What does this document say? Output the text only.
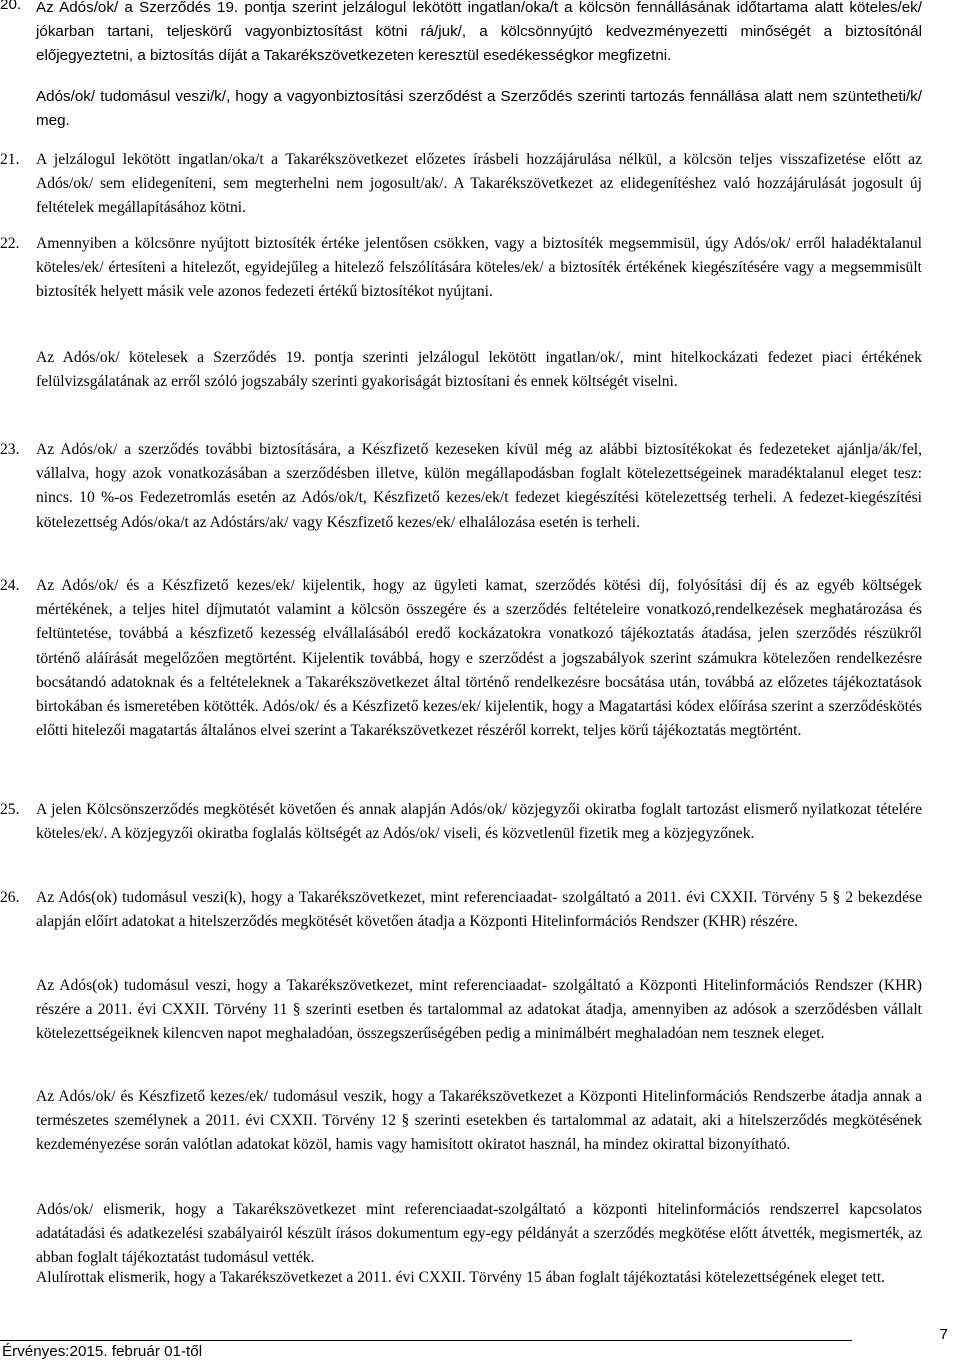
20. Az Adós/ok/ a Szerződés 19. pontja szerint jelzálogul lekötött ingatlan/oka/t a kölcsön fennállásának időtartama alatt köteles/ek/ jókarban tartani, teljeskörű vagyonbiztosítást kötni rá/juk/, a kölcsönnyújtó kedvezményezetti minőségét a biztosítónál előjegyeztetni, a biztosítás díját a Takarékszövetkezeten keresztül esedékességkor megfizetni.

Adós/ok/ tudomásul veszi/k/, hogy a vagyonbiztosítási szerződést a Szerződés szerinti tartozás fennállása alatt nem szüntetheti/k/ meg.

21.	A jelzálogul lekötött ingatlan/oka/t a Takarékszövetkezet előzetes írásbeli hozzájárulása nélkül, a kölcsön teljes visszafizetése előtt az Adós/ok/ sem elidegeníteni, sem megterhelni nem jogosult/ak/. A Takarékszövetkezet az elidegenítéshez való hozzájárulását jogosult új feltételek megállapításához kötni.

22.	Amennyiben a kölcsönre nyújtott biztosíték értéke jelentősen csökken, vagy a biztosíték megsemmisül, úgy Adós/ok/ erről haladéktalanul köteles/ek/ értesíteni a hitelezőt, egyidejűleg a hitelező felszólítására köteles/ek/ a biztosíték értékének kiegészítésére vagy a megsemmisült biztosíték helyett másik vele azonos fedezeti értékű biztosítékot nyújtani.

Az Adós/ok/ kötelesek a Szerződés 19. pontja szerinti jelzálogul lekötött ingatlan/ok/, mint hitelkockázati fedezet piaci értékének felülvizsgálatának az erről szóló jogszabály szerinti gyakoriságát biztosítani és ennek költségét viselni.

23.	Az Adós/ok/ a szerződés további biztosítására, a Készfizető kezeseken kívül még az alábbi biztosítékokat és fedezeteket ajánlja/ák/fel, vállalva, hogy azok vonatkozásában a szerződésben illetve, külön megállapodásban foglalt kötelezettségeinek maradéktalanul eleget tesz: nincs. 10 %-os Fedezetromlás esetén az Adós/ok/t, Készfizető kezes/ek/t fedezet kiegészítési kötelezettség terheli. A fedezet-kiegészítési kötelezettség Adós/oka/t az Adóstárs/ak/ vagy Készfizető kezes/ek/ elhalálozása esetén is terheli.

24.	Az Adós/ok/ és a Készfizető kezes/ek/ kijelentik, hogy az ügyleti kamat, szerződés kötési díj, folyósítási díj és az egyéb költségek mértékének, a teljes hitel díjmutatót valamint a kölcsön összegére és a szerződés feltételeire vonatkozó,rendelkezések meghatározása és feltüntetése, továbbá a készfizető kezesség elvállalásából eredő kockázatokra vonatkozó tájékoztatás átadása, jelen szerződés részükről történő aláírását megelőzően megtörtént. Kijelentik továbbá, hogy e szerződést a jogszabályok szerint számukra kötelezően rendelkezésre bocsátandó adatoknak és a feltételeknek a Takarékszövetkezet által történő rendelkezésre bocsátása után, továbbá az előzetes tájékoztatások birtokában és ismeretében kötötték. Adós/ok/ és a Készfizető kezes/ek/ kijelentik, hogy a Magatartási kódex előírása szerint a szerződéskötés előtti hitelezői magatartás általános elvei szerint a Takarékszövetkezet részéről korrekt, teljes körű tájékoztatás megtörtént.

25.	A jelen Kölcsönszerződés megkötését követően és annak alapján Adós/ok/ közjegyzői okiratba foglalt tartozást elismerő nyilatkozat tételére köteles/ek/. A közjegyzői okiratba foglalás költségét az Adós/ok/ viseli, és közvetlenül fizetik meg a közjegyzőnek.

26.	Az Adós(ok) tudomásul veszi(k), hogy a Takarékszövetkezet, mint referenciaadat- szolgáltató a 2011. évi CXXII. Törvény 5 § 2 bekezdése alapján előírt adatokat a hitelszerződés megkötését követően átadja a Központi Hitelinformációs Rendszer (KHR) részére.

Az Adós(ok) tudomásul veszi, hogy a Takarékszövetkezet, mint referenciaadat- szolgáltató a Központi Hitelinformációs Rendszer (KHR) részére a 2011. évi CXXII. Törvény 11 § szerinti esetben és tartalommal az adatokat átadja, amennyiben az adósok a szerződésben vállalt kötelezettségeiknek kilencven napot meghaladóan, összegszerűségében pedig a minimálbért meghaladóan nem tesznek eleget.

Az Adós/ok/ és Készfizető kezes/ek/ tudomásul veszik, hogy a Takarékszövetkezet a Központi Hitelinformációs Rendszerbe átadja annak a természetes személynek a 2011. évi CXXII. Törvény 12 § szerinti esetekben és tartalommal az adatait, aki a hitelszerződés megkötésének kezdeményezése során valótlan adatokat közöl, hamis vagy hamisított okiratot használ, ha mindez okirattal bizonyítható.

Adós/ok/ elismerik, hogy a Takarékszövetkezet mint referenciaadat-szolgáltató a központi hitelinformációs rendszerrel kapcsolatos adatátadási és adatkezelési szabályairól készült írásos dokumentum egy-egy példányát a szerződés megkötése előtt átvették, megismerték, az abban foglalt tájékoztatást tudomásul vették.

Alulírottak elismerik, hogy a Takarékszövetkezet a 2011. évi CXXII. Törvény 15 ában foglalt tájékoztatási kötelezettségének eleget tett.

Érvényes:2015. február 01-től
7
